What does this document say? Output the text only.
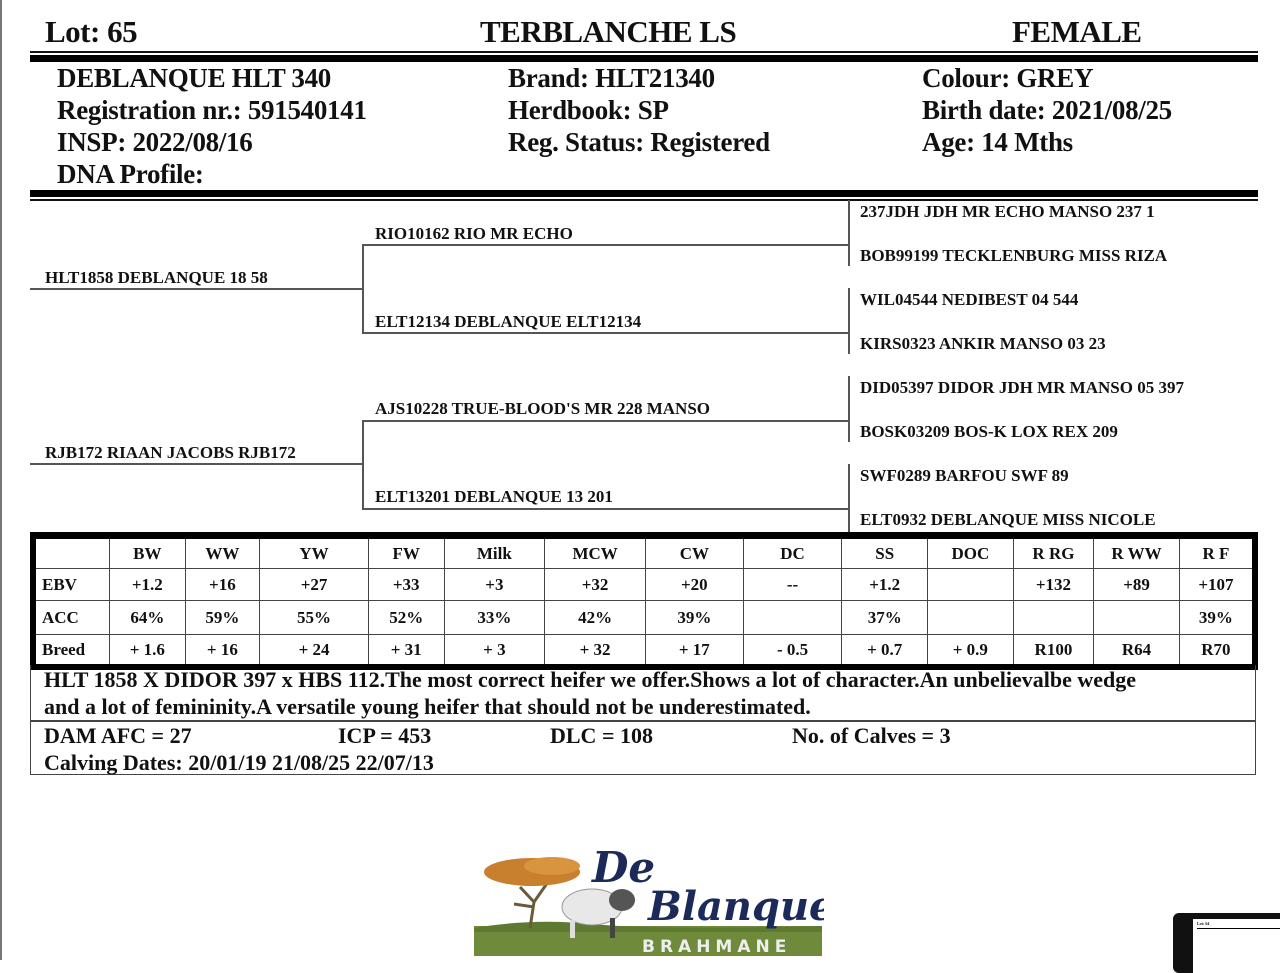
Lot: 65	TERBLANCHE LS	FEMALE
DEBLANQUE HLT 340
Registration nr.: 591540141
INSP: 2022/08/16
DNA Profile:
Brand: HLT21340
Herdbook: SP
Reg. Status: Registered
Colour: GREY
Birth date: 2021/08/25
Age: 14 Mths
HLT1858 DEBLANQUE 18 58
RJB172 RIAAN JACOBS RJB172
RIO10162 RIO MR ECHO
ELT12134 DEBLANQUE ELT12134
AJS10228 TRUE-BLOOD'S MR 228 MANSO
ELT13201 DEBLANQUE 13 201
237JDH JDH MR ECHO MANSO 237 1
BOB99199 TECKLENBURG MISS RIZA
WIL04544 NEDIBEST 04 544
KIRS0323 ANKIR MANSO 03 23
DID05397 DIDOR JDH MR MANSO 05 397
BOSK03209 BOS-K LOX REX 209
SWF0289 BARFOU SWF 89
ELT0932 DEBLANQUE MISS NICOLE
	BW	WW	YW	FW	Milk	MCW	CW	DC	SS	DOC	R RG	R WW	R F
EBV	+1.2	+16	+27	+33	+3	+32	+20	--	+1.2		+132	+89	+107
ACC	64%	59%	55%	52%	33%	42%	39%		37%				39%
Breed	+ 1.6	+ 16	+ 24	+ 31	+ 3	+ 32	+ 17	- 0.5	+ 0.7	+ 0.9	R100	R64	R70
HLT 1858 X DIDOR 397 x HBS 112.The most correct heifer we offer.Shows a lot of character.An unbelievalbe wedge
and a lot of femininity.A versatile young heifer that should not be underestimated.
DAM AFC = 27	ICP = 453	DLC = 108	No. of Calves = 3
Calving Dates: 20/01/19 21/08/25 22/07/13
De
Blanque
BRAHMANE
Lot: 64
